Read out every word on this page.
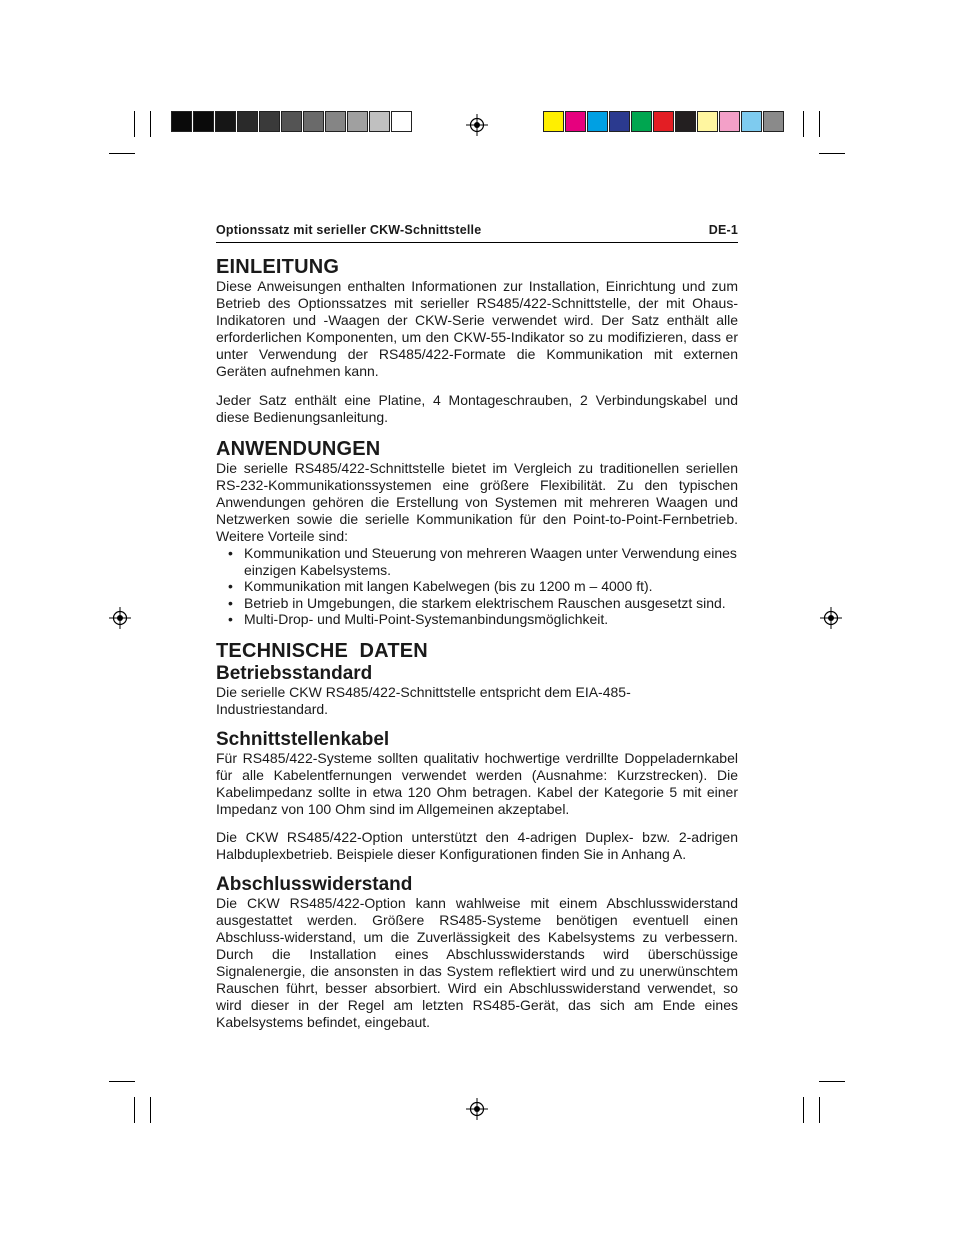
Optionssatz mit serieller CKW-Schnittstelle	DE-1
EINLEITUNG

Diese Anweisungen enthalten Informationen zur Installation, Einrichtung und zum Betrieb des Optionssatzes mit serieller RS485/422-Schnittstelle, der mit Ohaus-Indikatoren und -Waagen der CKW-Serie verwendet wird. Der Satz enthält alle erforderlichen Komponenten, um den CKW-55-Indikator so zu modifizieren, dass er unter Verwendung der RS485/422-Formate die Kommunikation mit externen Geräten aufnehmen kann.

Jeder Satz enthält eine Platine, 4 Montageschrauben, 2 Verbindungskabel und diese Bedienungsanleitung.

ANWENDUNGEN

Die serielle RS485/422-Schnittstelle bietet im Vergleich zu traditionellen seriellen RS-232-Kommunikationssystemen eine größere Flexibilität. Zu den typischen Anwendungen gehören die Erstellung von Systemen mit mehreren Waagen und Netzwerken sowie die serielle Kommunikation für den Point-to-Point-Fernbetrieb. Weitere Vorteile sind:

• Kommunikation und Steuerung von mehreren Waagen unter Verwendung eines einzigen Kabelsystems.
• Kommunikation mit langen Kabelwegen (bis zu 1200 m – 4000 ft).
• Betrieb in Umgebungen, die starkem elektrischem Rauschen ausgesetzt sind.
• Multi-Drop- und Multi-Point-Systemanbindungsmöglichkeit.
TECHNISCHE  DATEN
Betriebsstandard

Die serielle CKW RS485/422-Schnittstelle entspricht dem EIA-485-Industriestandard.

Schnittstellenkabel

Für RS485/422-Systeme sollten qualitativ hochwertige verdrillte Doppeladernkabel für alle Kabelentfernungen verwendet werden (Ausnahme: Kurzstrecken). Die Kabelimpedanz sollte in etwa 120 Ohm betragen. Kabel der Kategorie 5 mit einer Impedanz von 100 Ohm sind im Allgemeinen akzeptabel.

Die CKW RS485/422-Option unterstützt den 4-adrigen Duplex- bzw. 2-adrigen Halbduplexbetrieb. Beispiele dieser Konfigurationen finden Sie in Anhang A.

Abschlusswiderstand

Die CKW RS485/422-Option kann wahlweise mit einem Abschlusswiderstand ausgestattet werden. Größere RS485-Systeme benötigen eventuell einen Abschluss-widerstand, um die Zuverlässigkeit des Kabelsystems zu verbessern. Durch die Installation eines Abschlusswiderstands wird überschüssige Signalenergie, die ansonsten in das System reflektiert wird und zu unerwünschtem Rauschen führt, besser absorbiert. Wird ein Abschlusswiderstand verwendet, so wird dieser in der Regel am letzten RS485-Gerät, das sich am Ende eines Kabelsystems befindet, eingebaut.
